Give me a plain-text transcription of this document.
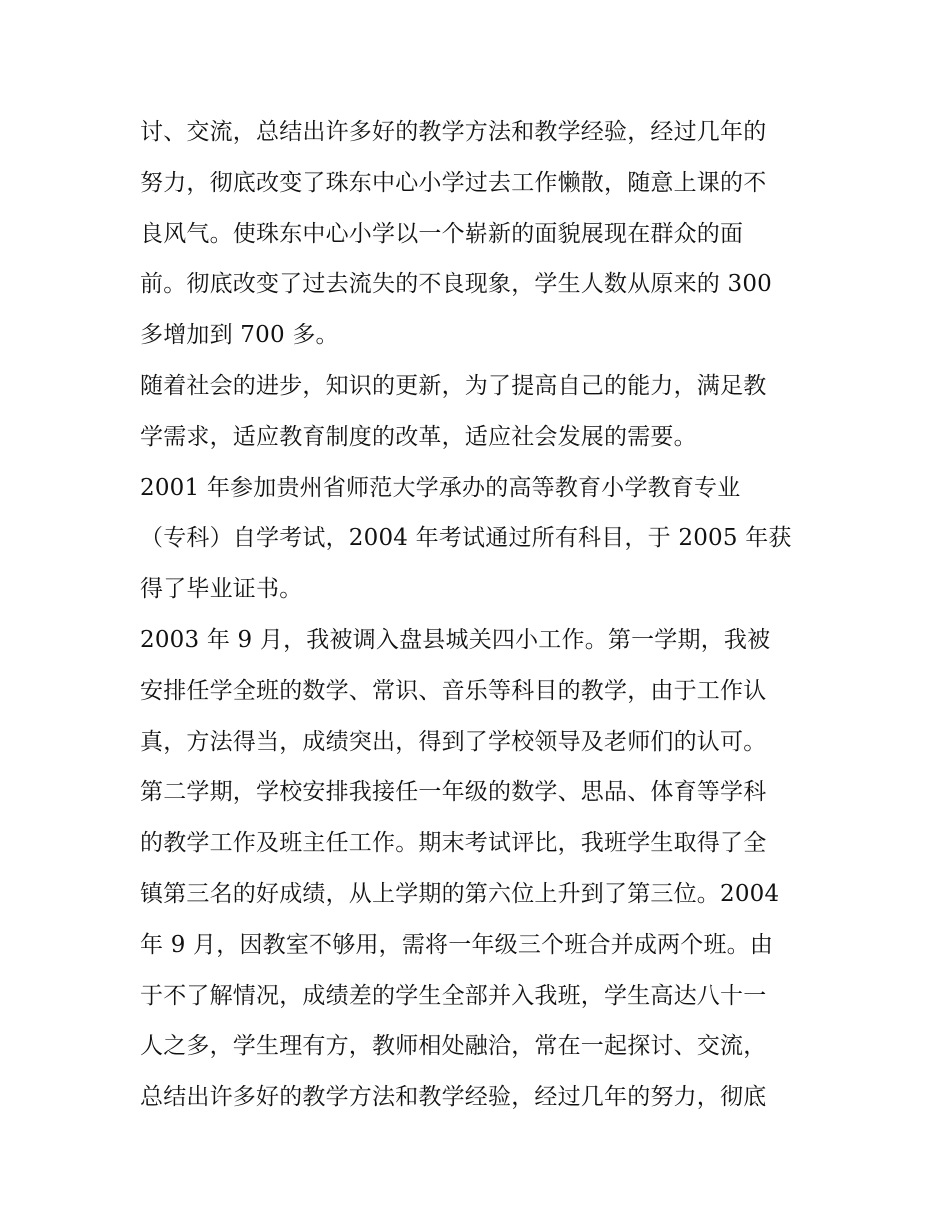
讨、交流，总结出许多好的教学方法和教学经验，经过几年的
努力，彻底改变了珠东中心小学过去工作懒散，随意上课的不
良风气。使珠东中心小学以一个崭新的面貌展现在群众的面
前。彻底改变了过去流失的不良现象，学生人数从原来的 300
多增加到 700 多。
随着社会的进步，知识的更新，为了提高自己的能力，满足教
学需求，适应教育制度的改革，适应社会发展的需要。
2001 年参加贵州省师范大学承办的高等教育小学教育专业
（专科）自学考试，2004 年考试通过所有科目，于 2005 年获
得了毕业证书。
2003 年 9 月，我被调入盘县城关四小工作。第一学期，我被
安排任学全班的数学、常识、音乐等科目的教学，由于工作认
真，方法得当，成绩突出，得到了学校领导及老师们的认可。
第二学期，学校安排我接任一年级的数学、思品、体育等学科
的教学工作及班主任工作。期末考试评比，我班学生取得了全
镇第三名的好成绩，从上学期的第六位上升到了第三位。2004
年 9 月，因教室不够用，需将一年级三个班合并成两个班。由
于不了解情况，成绩差的学生全部并入我班，学生高达八十一
人之多，学生理有方，教师相处融洽，常在一起探讨、交流，
总结出许多好的教学方法和教学经验，经过几年的努力，彻底
